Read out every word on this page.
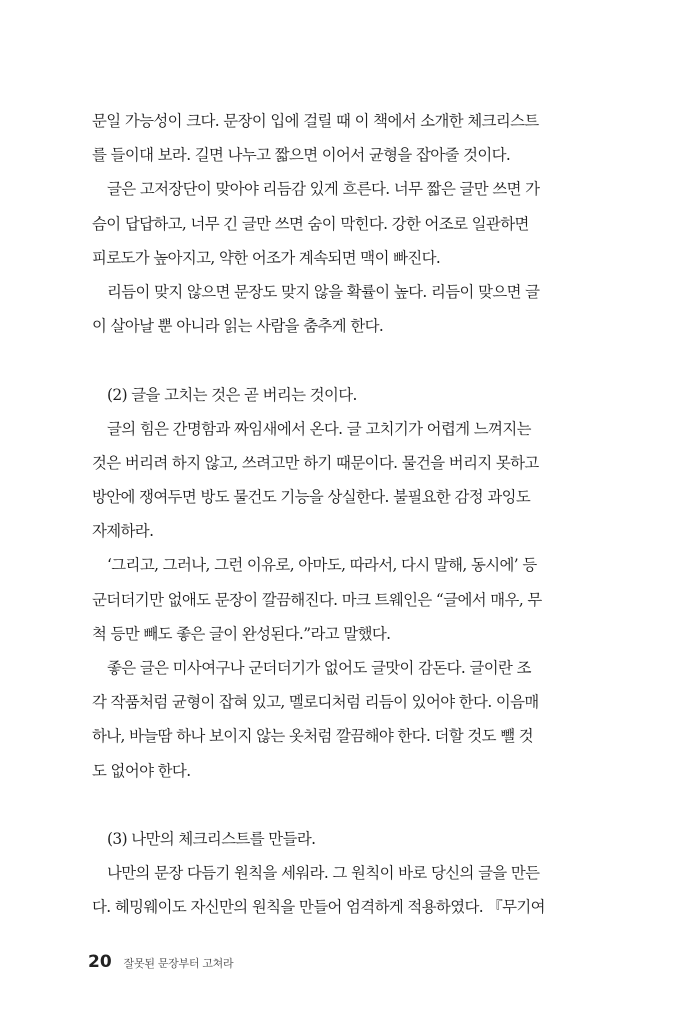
문일 가능성이 크다. 문장이 입에 걸릴 때 이 책에서 소개한 체크리스트
를 들이대 보라. 길면 나누고 짧으면 이어서 균형을 잡아줄 것이다.
글은 고저장단이 맞아야 리듬감 있게 흐른다. 너무 짧은 글만 쓰면 가
슴이 답답하고, 너무 긴 글만 쓰면 숨이 막힌다. 강한 어조로 일관하면
피로도가 높아지고, 약한 어조가 계속되면 맥이 빠진다.
리듬이 맞지 않으면 문장도 맞지 않을 확률이 높다. 리듬이 맞으면 글
이 살아날 뿐 아니라 읽는 사람을 춤추게 한다.
(2) 글을 고치는 것은 곧 버리는 것이다.
글의 힘은 간명함과 짜임새에서 온다. 글 고치기가 어렵게 느껴지는
것은 버리려 하지 않고, 쓰려고만 하기 때문이다. 물건을 버리지 못하고
방안에 쟁여두면 방도 물건도 기능을 상실한다. 불필요한 감정 과잉도
자제하라.
‘그리고, 그러나, 그런 이유로, 아마도, 따라서, 다시 말해, 동시에’ 등
군더더기만 없애도 문장이 깔끔해진다. 마크 트웨인은 “글에서 매우, 무
척 등만 빼도 좋은 글이 완성된다.”라고 말했다.
좋은 글은 미사여구나 군더더기가 없어도 글맛이 감돈다. 글이란 조
각 작품처럼 균형이 잡혀 있고, 멜로디처럼 리듬이 있어야 한다. 이음매
하나, 바늘땀 하나 보이지 않는 옷처럼 깔끔해야 한다. 더할 것도 뺄 것
도 없어야 한다.
(3) 나만의 체크리스트를 만들라.
나만의 문장 다듬기 원칙을 세워라. 그 원칙이 바로 당신의 글을 만든
다. 헤밍웨이도 자신만의 원칙을 만들어 엄격하게 적용하였다. 『무기여
20 잘못된 문장부터 고쳐라
